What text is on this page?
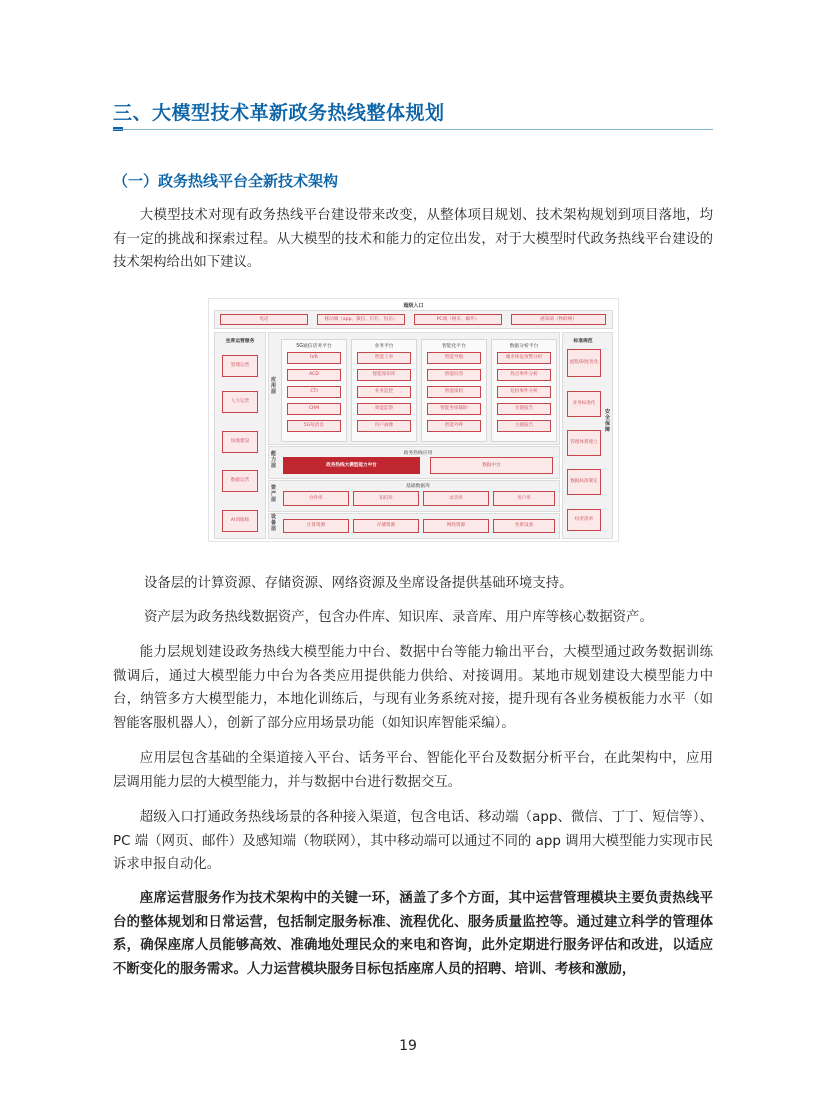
三、大模型技术革新政务热线整体规划
（一）政务热线平台全新技术架构
大模型技术对现有政务热线平台建设带来改变，从整体项目规划、技术架构规划到项目落地，均有一定的挑战和探索过程。从大模型的技术和能力的定位出发，对于大模型时代政务热线平台建设的技术架构给出如下建议。
超级入口
电话	移动端（app、微信、钉钉、短信）	PC端（网页、邮件）	感知端（物联网）
坐席运营服务
管理运营
人力运营
场地建设
数据运营
AI训练师
标准规范
流程/制度优化
业务标准化
管理体系建立
数据标准制定
权责清单
安全保障
应用层
5G通信话务平台
IVR
ACD
CTI
CRM
5G短消息
业务平台
智能工单
智能知识库
业务监控
效能监察
用户画像
智能化平台
智能导航
智能问答
智能质检
智能坐席辅助
智能外呼
数据分析平台
城市体征预警分析
热点事件分析
危机事件分析
专题报告
主题报告
能力层
政务热线应用
政务热线大模型能力中台	数据中台
资产层
基础数据库
办件库	知识库	录音库	用户库
设备层
计算资源	存储资源	网络资源	坐席设备
设备层的计算资源、存储资源、网络资源及坐席设备提供基础环境支持。
资产层为政务热线数据资产，包含办件库、知识库、录音库、用户库等核心数据资产。
能力层规划建设政务热线大模型能力中台、数据中台等能力输出平台，大模型通过政务数据训练微调后，通过大模型能力中台为各类应用提供能力供给、对接调用。某地市规划建设大模型能力中台，纳管多方大模型能力，本地化训练后，与现有业务系统对接，提升现有各业务模板能力水平（如智能客服机器人），创新了部分应用场景功能（如知识库智能采编）。
应用层包含基础的全渠道接入平台、话务平台、智能化平台及数据分析平台，在此架构中，应用层调用能力层的大模型能力，并与数据中台进行数据交互。
超级入口打通政务热线场景的各种接入渠道，包含电话、移动端（app、微信、丁丁、短信等）、PC 端（网页、邮件）及感知端（物联网），其中移动端可以通过不同的 app 调用大模型能力实现市民诉求申报自动化。
座席运营服务作为技术架构中的关键一环，涵盖了多个方面，其中运营管理模块主要负责热线平台的整体规划和日常运营，包括制定服务标准、流程优化、服务质量监控等。通过建立科学的管理体系，确保座席人员能够高效、准确地处理民众的来电和咨询，此外定期进行服务评估和改进，以适应不断变化的服务需求。人力运营模块服务目标包括座席人员的招聘、培训、考核和激励，
19
